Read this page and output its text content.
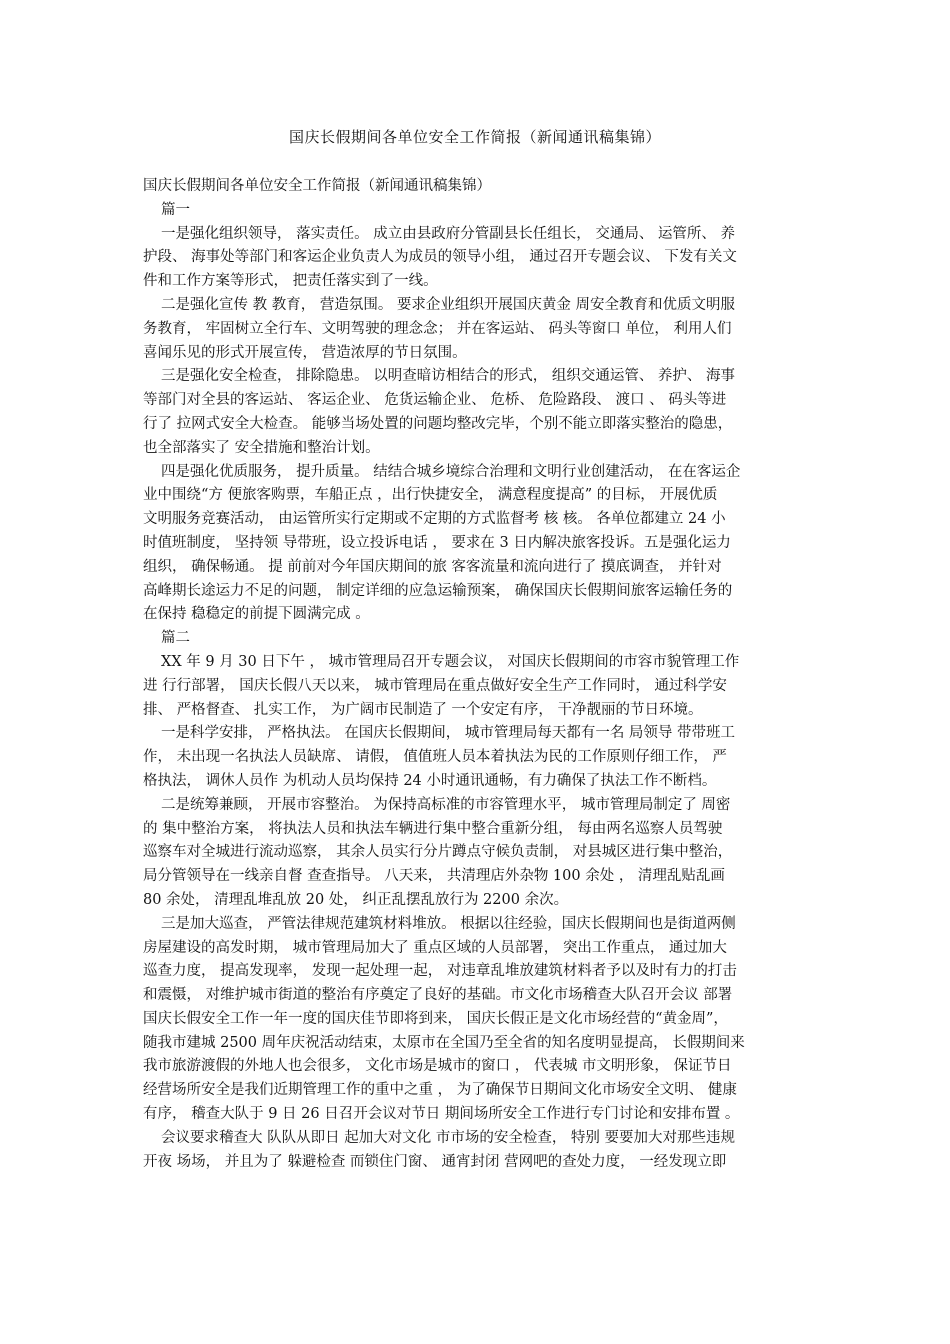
国庆长假期间各单位安全工作简报（新闻通讯稿集锦）
国庆长假期间各单位安全工作简报（新闻通讯稿集锦）
篇一
一是强化组织领导， 落实责任。 成立由县政府分管副县长任组长， 交通局、 运管所、 养
护段、 海事处等部门和客运企业负责人为成员的领导小组， 通过召开专题会议、 下发有关文
件和工作方案等形式， 把责任落实到了一线。
二是强化宣传 教 教育， 营造氛围。 要求企业组织开展国庆黄金 周安全教育和优质文明服
务教育， 牢固树立全行车、文明驾驶的理念念； 并在客运站、 码头等窗口 单位， 利用人们
喜闻乐见的形式开展宣传， 营造浓厚的节日氛围。
三是强化安全检查， 排除隐患。 以明查暗访相结合的形式， 组织交通运管、 养护、 海事
等部门对全县的客运站、 客运企业、 危货运输企业、 危桥、 危险路段、 渡口 、 码头等进
行了 拉网式安全大检查。 能够当场处置的问题均整改完毕，个别不能立即落实整治的隐患，
也全部落实了 安全措施和整治计划。
四是强化优质服务， 提升质量。 结结合城乡境综合治理和文明行业创建活动， 在在客运企
业中围绕“方 便旅客购票，车船正点 ，出行快捷安全， 满意程度提高” 的目标， 开展优质
文明服务竞赛活动， 由运管所实行定期或不定期的方式监督考 核 核。 各单位都建立 24 小
时值班制度， 坚持领 导带班，设立投诉电话 ， 要求在 3 日内解决旅客投诉。五是强化运力
组织， 确保畅通。 提 前前对今年国庆期间的旅 客客流量和流向进行了 摸底调查， 并针对
高峰期长途运力不足的问题， 制定详细的应急运输预案， 确保国庆长假期间旅客运输任务的
在保持 稳稳定的前提下圆满完成 。
篇二
XX 年 9 月 30 日下午 ， 城市管理局召开专题会议， 对国庆长假期间的市容市貌管理工作
进 行行部署， 国庆长假八天以来， 城市管理局在重点做好安全生产工作同时， 通过科学安
排、 严格督查、 扎实工作， 为广阔市民制造了 一个安定有序， 干净靓丽的节日环境。
一是科学安排， 严格执法。 在国庆长假期间， 城市管理局每天都有一名 局领导 带带班工
作， 未出现一名执法人员缺席、 请假， 值值班人员本着执法为民的工作原则仔细工作， 严
格执法， 调休人员作 为机动人员均保持 24 小时通讯通畅，有力确保了执法工作不断档。
二是统筹兼顾， 开展市容整治。 为保持高标准的市容管理水平， 城市管理局制定了 周密
的 集中整治方案， 将执法人员和执法车辆进行集中整合重新分组， 每由两名巡察人员驾驶
巡察车对全城进行流动巡察， 其余人员实行分片蹲点守候负责制， 对县城区进行集中整治，
局分管领导在一线亲自督 查查指导。 八天来， 共清理店外杂物 100 余处 ， 清理乱贴乱画
80 余处， 清理乱堆乱放 20 处， 纠正乱摆乱放行为 2200 余次。
三是加大巡查， 严管法律规范建筑材料堆放。 根据以往经验，国庆长假期间也是街道两侧
房屋建设的高发时期， 城市管理局加大了 重点区域的人员部署， 突出工作重点， 通过加大
巡查力度， 提高发现率， 发现一起处理一起， 对违章乱堆放建筑材料者予以及时有力的打击
和震慑， 对维护城市街道的整治有序奠定了良好的基础。市文化市场稽查大队召开会议 部署
国庆长假安全工作一年一度的国庆佳节即将到来， 国庆长假正是文化市场经营的“黄金周”，
随我市建城 2500 周年庆祝活动结束，太原市在全国乃至全省的知名度明显提高， 长假期间来
我市旅游渡假的外地人也会很多， 文化市场是城市的窗口 ， 代表城 市文明形象， 保证节日
经营场所安全是我们近期管理工作的重中之重 ， 为了确保节日期间文化市场安全文明、 健康
有序， 稽查大队于 9 日 26 日召开会议对节日 期间场所安全工作进行专门讨论和安排布置 。
会议要求稽查大 队队从即日 起加大对文化 市市场的安全检查， 特别 要要加大对那些违规
开夜 场场， 并且为了 躲避检查 而锁住门窗、 通宵封闭 营网吧的查处力度， 一经发现立即
